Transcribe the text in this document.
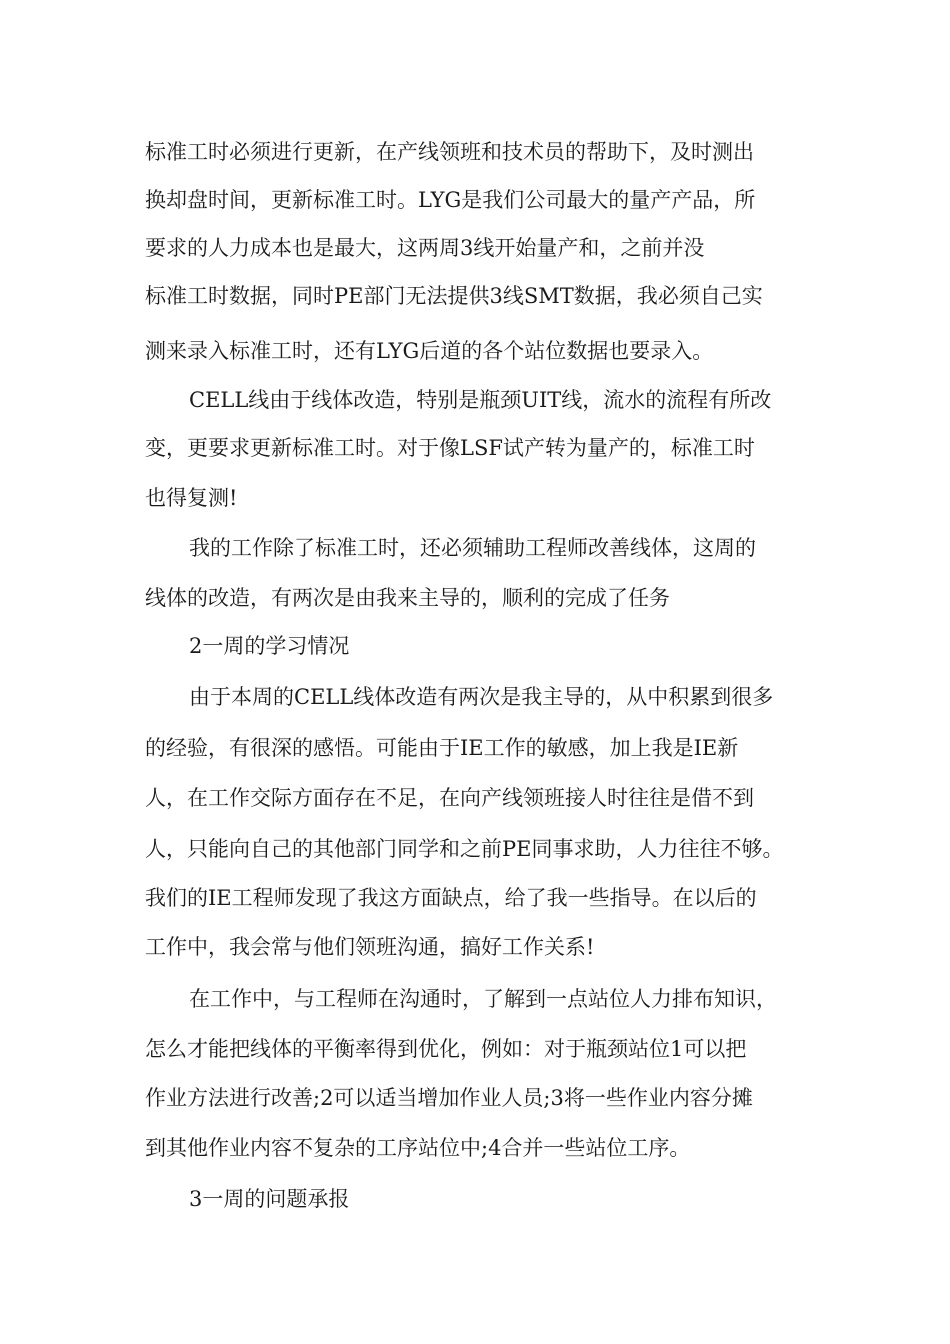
标准工时必须进行更新，在产线领班和技术员的帮助下，及时测出
换却盘时间，更新标准工时。LYG是我们公司最大的量产产品，所
要求的人力成本也是最大，这两周3线开始量产和，之前并没
标准工时数据，同时PE部门无法提供3线SMT数据，我必须自己实
测来录入标准工时，还有LYG后道的各个站位数据也要录入。
CELL线由于线体改造，特别是瓶颈UIT线，流水的流程有所改
变，更要求更新标准工时。对于像LSF试产转为量产的，标准工时
也得复测!
我的工作除了标准工时，还必须辅助工程师改善线体，这周的
线体的改造，有两次是由我来主导的，顺利的完成了任务
2一周的学习情况
由于本周的CELL线体改造有两次是我主导的，从中积累到很多
的经验，有很深的感悟。可能由于IE工作的敏感，加上我是IE新
人，在工作交际方面存在不足，在向产线领班接人时往往是借不到
人，只能向自己的其他部门同学和之前PE同事求助，人力往往不够。
我们的IE工程师发现了我这方面缺点，给了我一些指导。在以后的
工作中，我会常与他们领班沟通，搞好工作关系!
在工作中，与工程师在沟通时，了解到一点站位人力排布知识，
怎么才能把线体的平衡率得到优化，例如：对于瓶颈站位1可以把
作业方法进行改善;2可以适当增加作业人员;3将一些作业内容分摊
到其他作业内容不复杂的工序站位中;4合并一些站位工序。
3一周的问题承报
